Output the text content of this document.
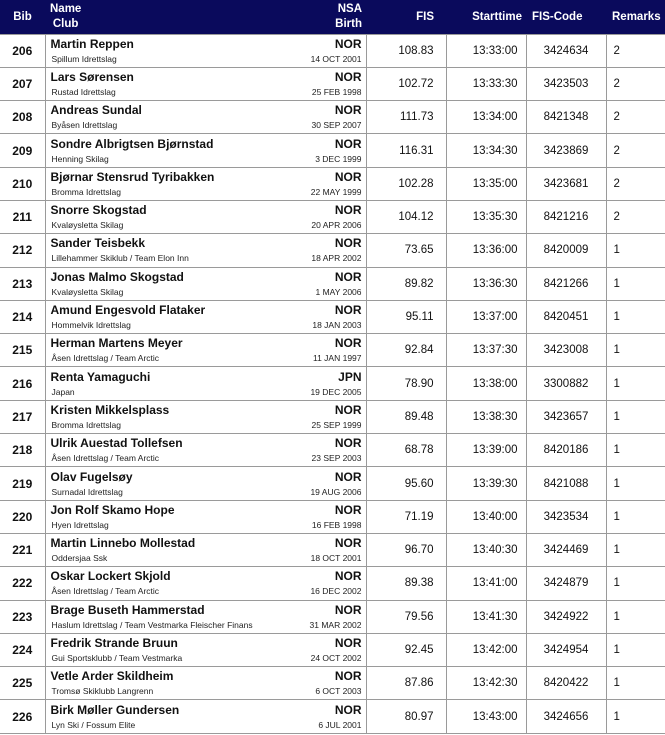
Bib	Name
Club
NSA
Birth	FIS	Starttime	FIS-Code	Remarks
206	Martin Reppen NOR
Spillum Idrettslag 14 OCT 2001	108.83	13:33:00	3424634	2
207	Lars Sørensen NOR
Rustad Idrettslag 25 FEB 1998	102.72	13:33:30	3423503	2
208	Andreas Sundal NOR
Byåsen Idrettslag 30 SEP 2007	111.73	13:34:00	8421348	2
209	Sondre Albrigtsen Bjørnstad NOR
Henning Skilag 3 DEC 1999	116.31	13:34:30	3423869	2
210	Bjørnar Stensrud Tyribakken NOR
Bromma Idrettslag 22 MAY 1999	102.28	13:35:00	3423681	2
211	Snorre Skogstad NOR
Kvaløysletta Skilag 20 APR 2006	104.12	13:35:30	8421216	2
212	Sander Teisbekk NOR
Lillehammer Skiklub / Team Elon Inn 18 APR 2002	73.65	13:36:00	8420009	1
213	Jonas Malmo Skogstad NOR
Kvaløysletta Skilag 1 MAY 2006	89.82	13:36:30	8421266	1
214	Amund Engesvold Flataker NOR
Hommelvik Idrettslag 18 JAN 2003	95.11	13:37:00	8420451	1
215	Herman Martens Meyer NOR
Åsen Idrettslag / Team Arctic 11 JAN 1997	92.84	13:37:30	3423008	1
216	Renta Yamaguchi JPN
Japan 19 DEC 2005	78.90	13:38:00	3300882	1
217	Kristen Mikkelsplass NOR
Bromma Idrettslag 25 SEP 1999	89.48	13:38:30	3423657	1
218	Ulrik Auestad Tollefsen NOR
Åsen Idrettslag / Team Arctic 23 SEP 2003	68.78	13:39:00	8420186	1
219	Olav Fugelsøy NOR
Surnadal Idrettslag 19 AUG 2006	95.60	13:39:30	8421088	1
220	Jon Rolf Skamo Hope NOR
Hyen Idrettslag 16 FEB 1998	71.19	13:40:00	3423534	1
221	Martin Linnebo Mollestad NOR
Oddersjaa Ssk 18 OCT 2001	96.70	13:40:30	3424469	1
222	Oskar Lockert Skjold NOR
Åsen Idrettslag / Team Arctic 16 DEC 2002	89.38	13:41:00	3424879	1
223	Brage Buseth Hammerstad NOR
Haslum Idrettslag / Team Vestmarka Fleischer Finans 31 MAR 2002	79.56	13:41:30	3424922	1
224	Fredrik Strande Bruun NOR
Gui Sportsklubb / Team Vestmarka 24 OCT 2002	92.45	13:42:00	3424954	1
225	Vetle Arder Skildheim NOR
Tromsø Skiklubb Langrenn 6 OCT 2003	87.86	13:42:30	8420422	1
226	Birk Møller Gundersen NOR
Lyn Ski / Fossum Elite 6 JUL 2001	80.97	13:43:00	3424656	1
